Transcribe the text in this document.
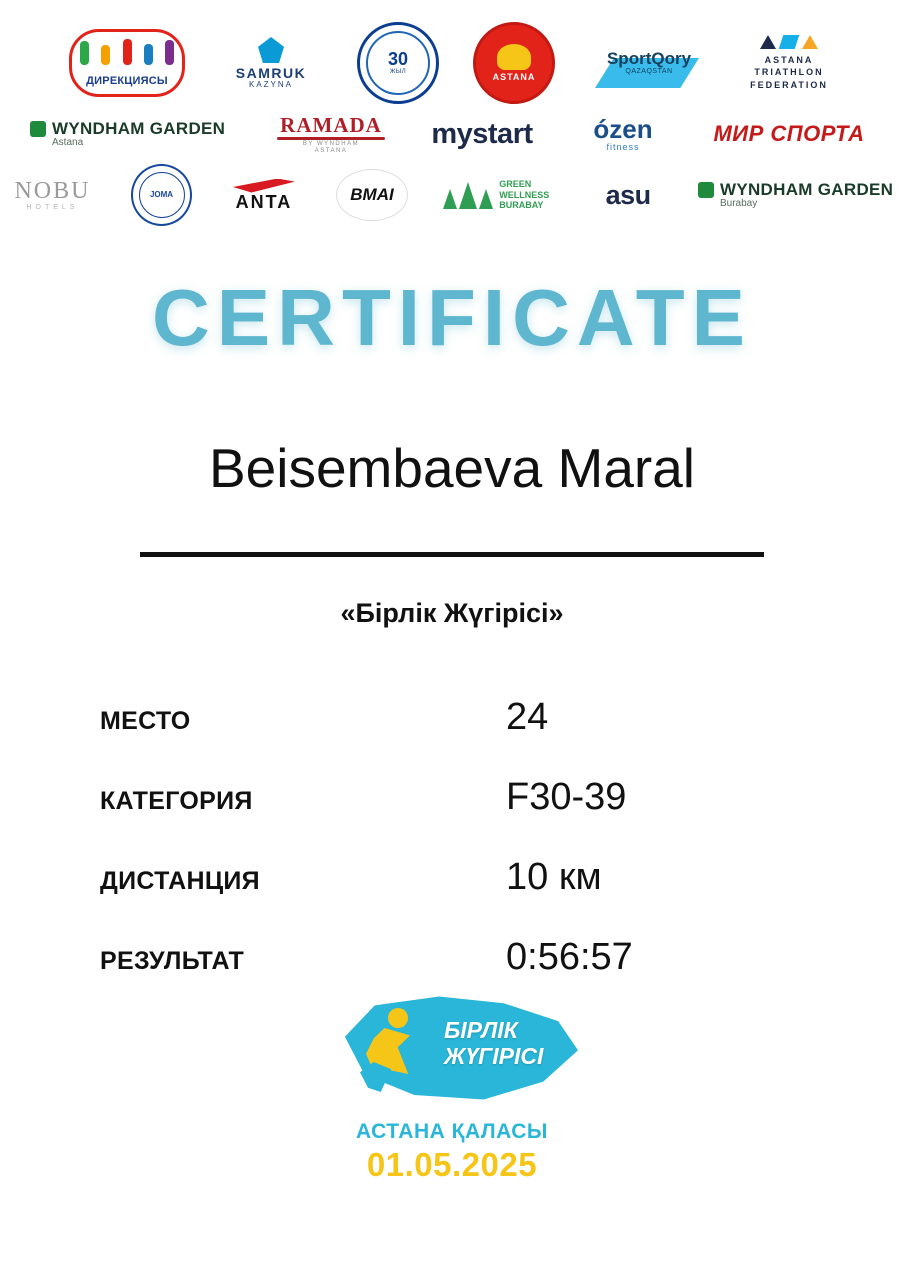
ДИРЕКЦИЯСЫ
SAMRUK
KAZYNA
30
ЖЫЛ	ASTANA
SportQory
QAZAQSTAN
ASTANA
TRIATHLON
FEDERATION
WYNDHAM GARDEN
Astana
RAMADA
BY WYNDHAM
ASTANA
mystart	ózen
fitness
МИР СПОРТА
NOBU
HOTELS
JOMA	ANTA	BMAI
GREEN
WELLNESS
BURABAY	asu	WYNDHAM GARDEN
Burabay
CERTIFICATE
Beisembaeva Maral
«Бірлік Жүгірісі»
МЕСТО	24
КАТЕГОРИЯ	F30-39
ДИСТАНЦИЯ	10 км
РЕЗУЛЬТАТ	0:56:57
БІРЛІК
ЖҮГІРІСІ
АСТАНА ҚАЛАСЫ
01.05.2025
